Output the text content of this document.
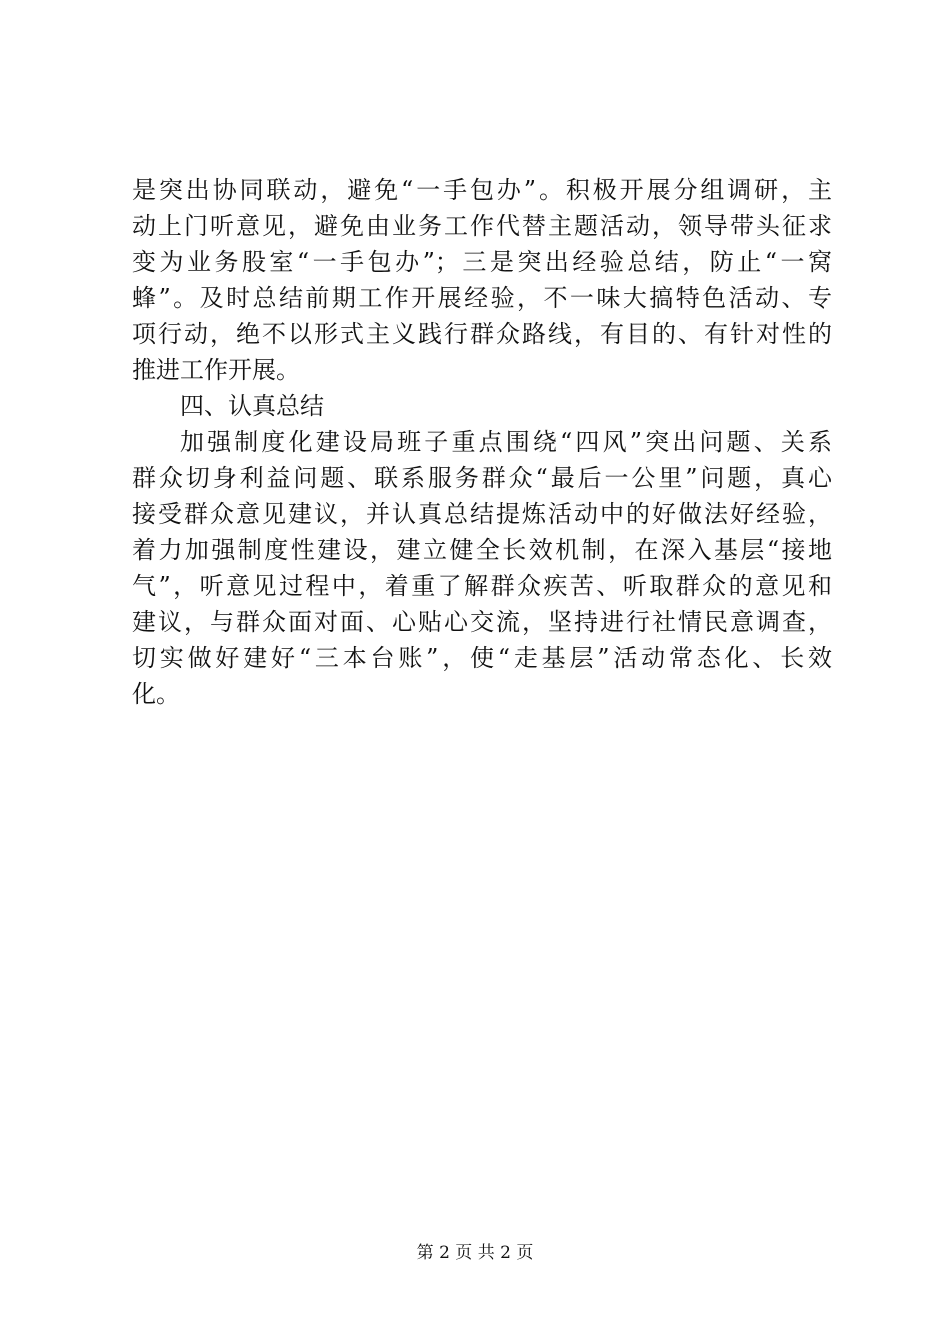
是突出协同联动，避免“一手包办”。积极开展分组调研，主
动上门听意见，避免由业务工作代替主题活动，领导带头征求
变为业务股室“一手包办”；三是突出经验总结，防止“一窝
蜂”。及时总结前期工作开展经验，不一味大搞特色活动、专
项行动，绝不以形式主义践行群众路线，有目的、有针对性的
推进工作开展。
四、认真总结
加强制度化建设局班子重点围绕“四风”突出问题、关系
群众切身利益问题、联系服务群众“最后一公里”问题，真心
接受群众意见建议，并认真总结提炼活动中的好做法好经验，
着力加强制度性建设，建立健全长效机制，在深入基层“接地
气”，听意见过程中，着重了解群众疾苦、听取群众的意见和
建议，与群众面对面、心贴心交流，坚持进行社情民意调查，
切实做好建好“三本台账”，使“走基层”活动常态化、长效
化。
第 2 页 共 2 页
